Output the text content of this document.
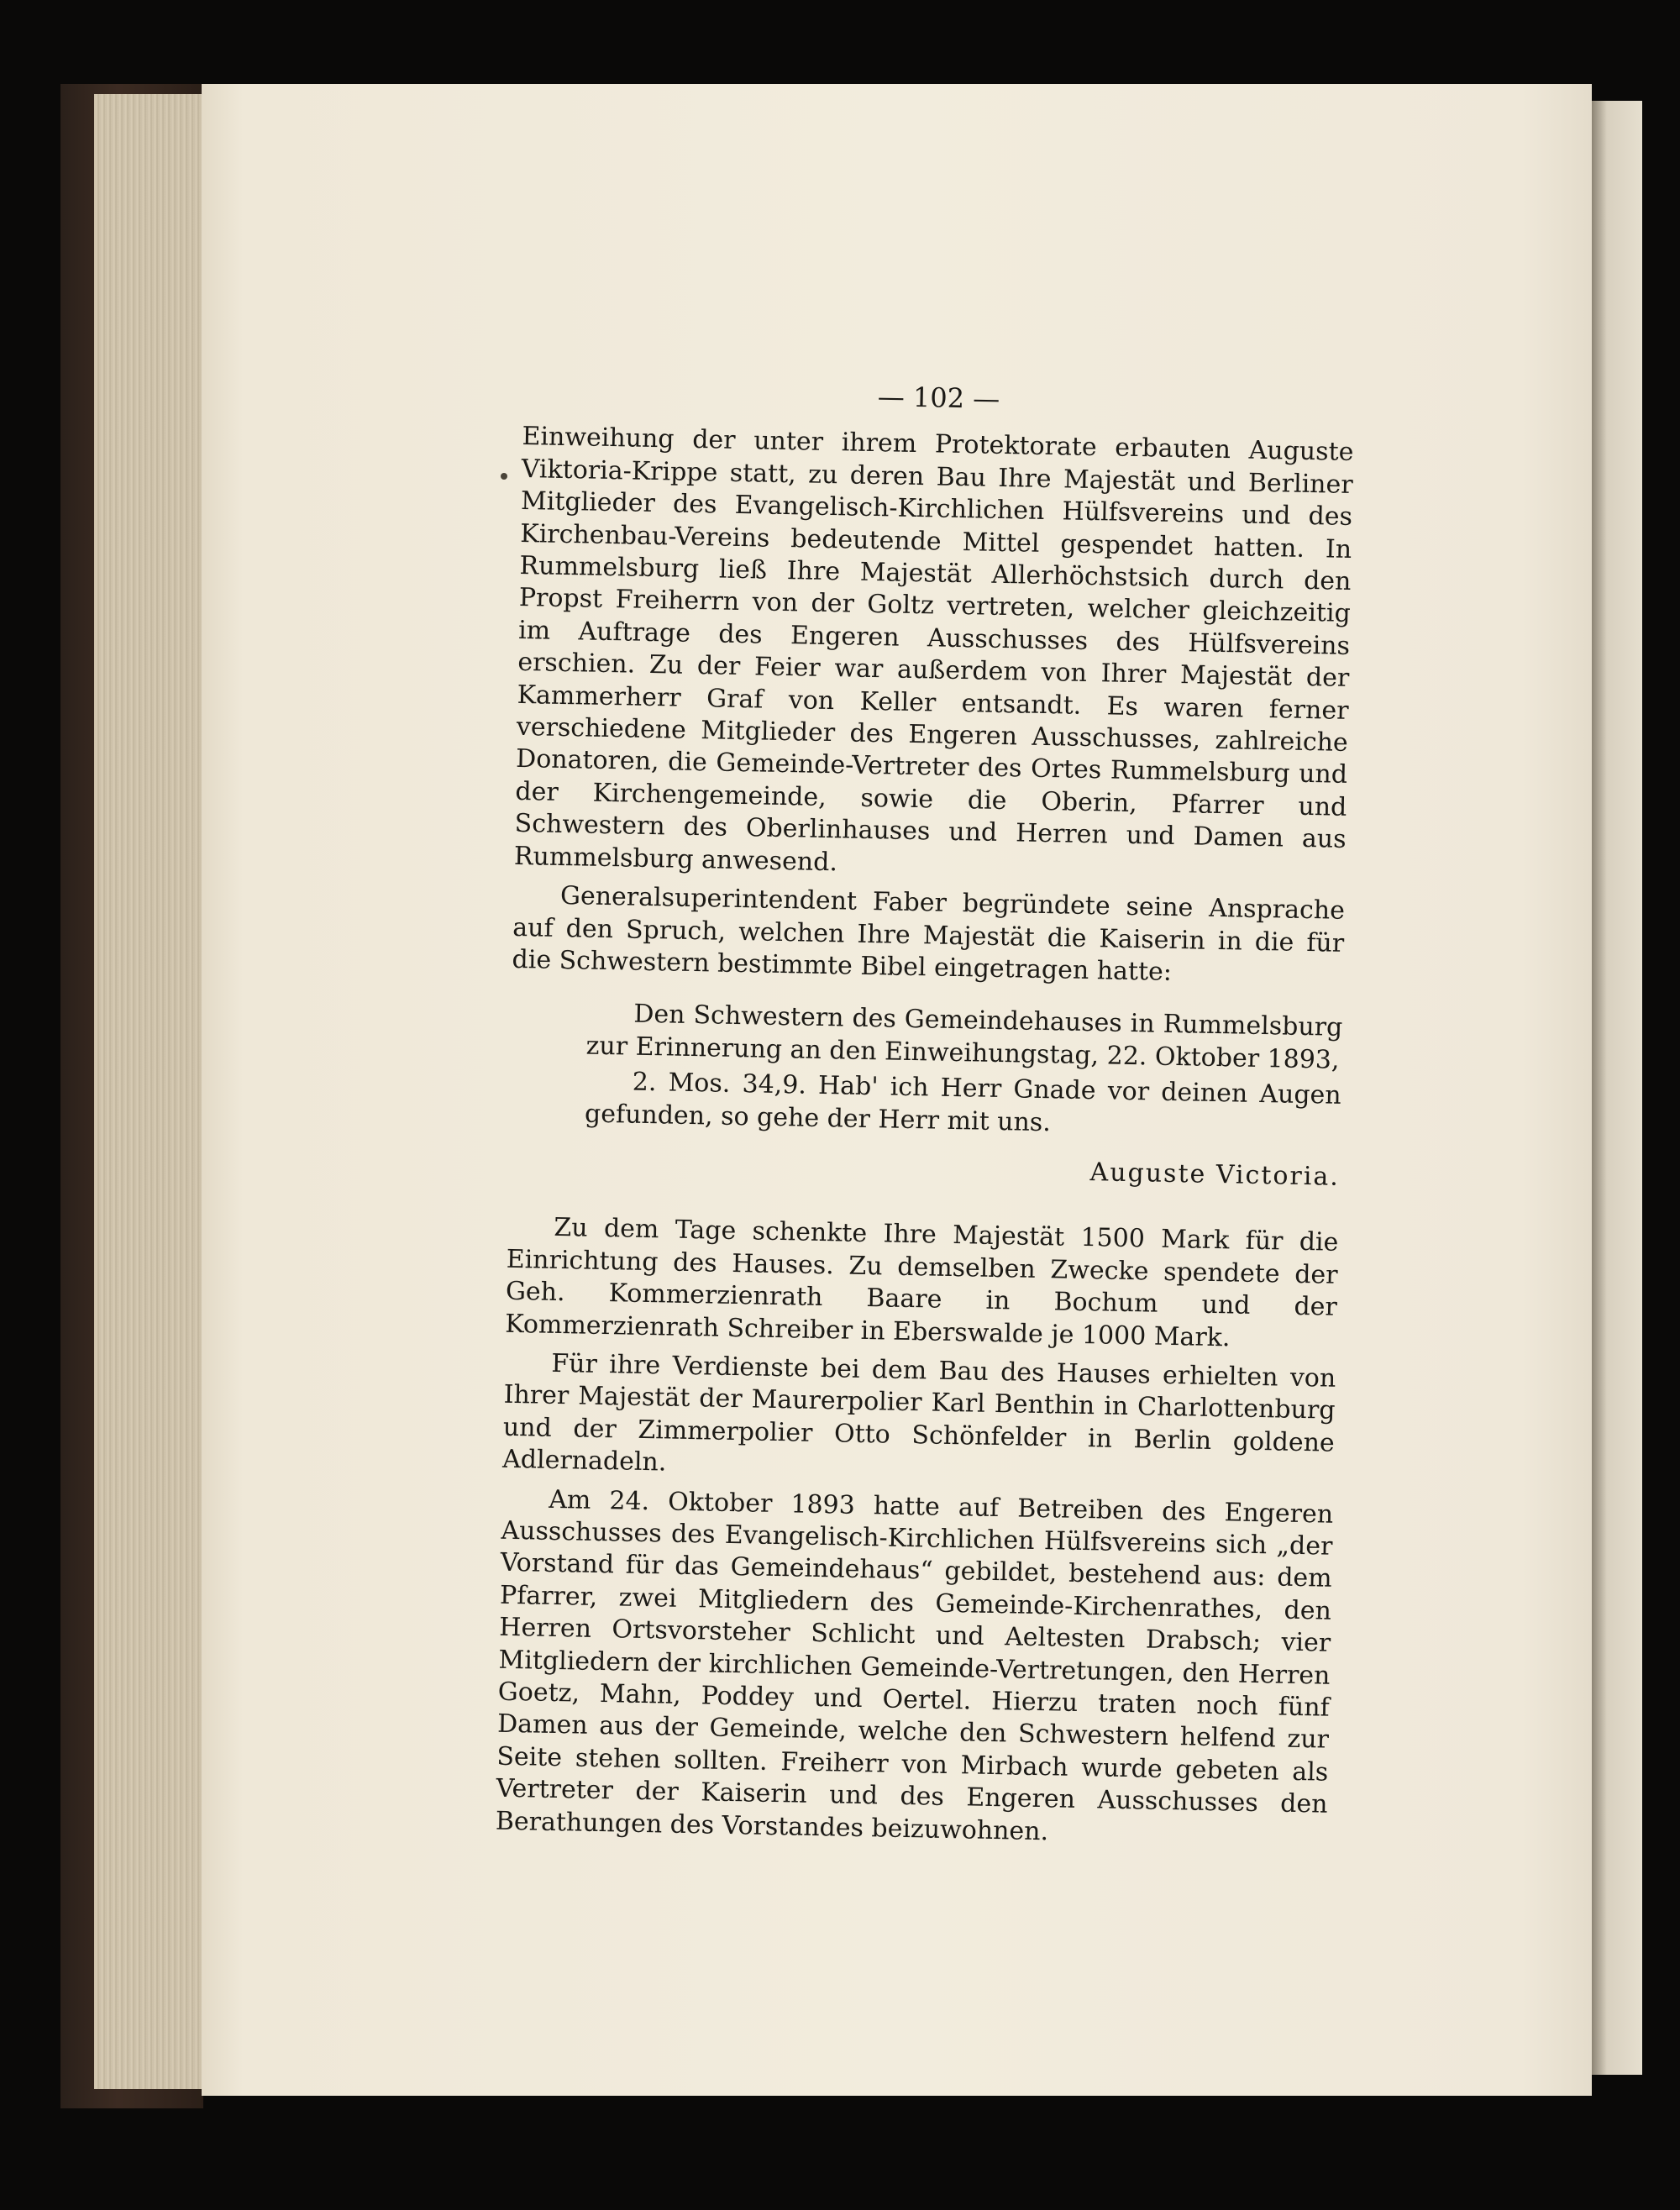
— 102 —

Einweihung der unter ihrem Protektorate erbauten Auguste Viktoria-Krippe statt, zu deren Bau Ihre Majestät und Berliner Mitglieder des Evangelisch-Kirchlichen Hülfsvereins und des Kirchenbau-Vereins bedeutende Mittel gespendet hatten. In Rummelsburg ließ Ihre Majestät Allerhöchstsich durch den Propst Freiherrn von der Goltz vertreten, welcher gleichzeitig im Auftrage des Engeren Ausschusses des Hülfsvereins erschien. Zu der Feier war außerdem von Ihrer Majestät der Kammerherr Graf von Keller entsandt. Es waren ferner verschiedene Mitglieder des Engeren Ausschusses, zahlreiche Donatoren, die Gemeinde-Vertreter des Ortes Rummelsburg und der Kirchengemeinde, sowie die Oberin, Pfarrer und Schwestern des Oberlinhauses und Herren und Damen aus Rummelsburg anwesend.

Generalsuperintendent Faber begründete seine Ansprache auf den Spruch, welchen Ihre Majestät die Kaiserin in die für die Schwestern bestimmte Bibel eingetragen hatte:

Den Schwestern des Gemeindehauses in Rummelsburg zur Erinnerung an den Einweihungstag, 22. Oktober 1893,

2. Mos. 34,9. Hab' ich Herr Gnade vor deinen Augen gefunden, so gehe der Herr mit uns.

Auguste Victoria.

Zu dem Tage schenkte Ihre Majestät 1500 Mark für die Einrichtung des Hauses. Zu demselben Zwecke spendete der Geh. Kommerzienrath Baare in Bochum und der Kommerzienrath Schreiber in Eberswalde je 1000 Mark.

Für ihre Verdienste bei dem Bau des Hauses erhielten von Ihrer Majestät der Maurerpolier Karl Benthin in Charlottenburg und der Zimmerpolier Otto Schönfelder in Berlin goldene Adlernadeln.

Am 24. Oktober 1893 hatte auf Betreiben des Engeren Ausschusses des Evangelisch-Kirchlichen Hülfsvereins sich „der Vorstand für das Gemeindehaus“ gebildet, bestehend aus: dem Pfarrer, zwei Mitgliedern des Gemeinde-Kirchenrathes, den Herren Ortsvorsteher Schlicht und Aeltesten Drabsch; vier Mitgliedern der kirchlichen Gemeinde-Vertretungen, den Herren Goetz, Mahn, Poddey und Oertel. Hierzu traten noch fünf Damen aus der Gemeinde, welche den Schwestern helfend zur Seite stehen sollten. Freiherr von Mirbach wurde gebeten als Vertreter der Kaiserin und des Engeren Ausschusses den Berathungen des Vorstandes beizuwohnen.
